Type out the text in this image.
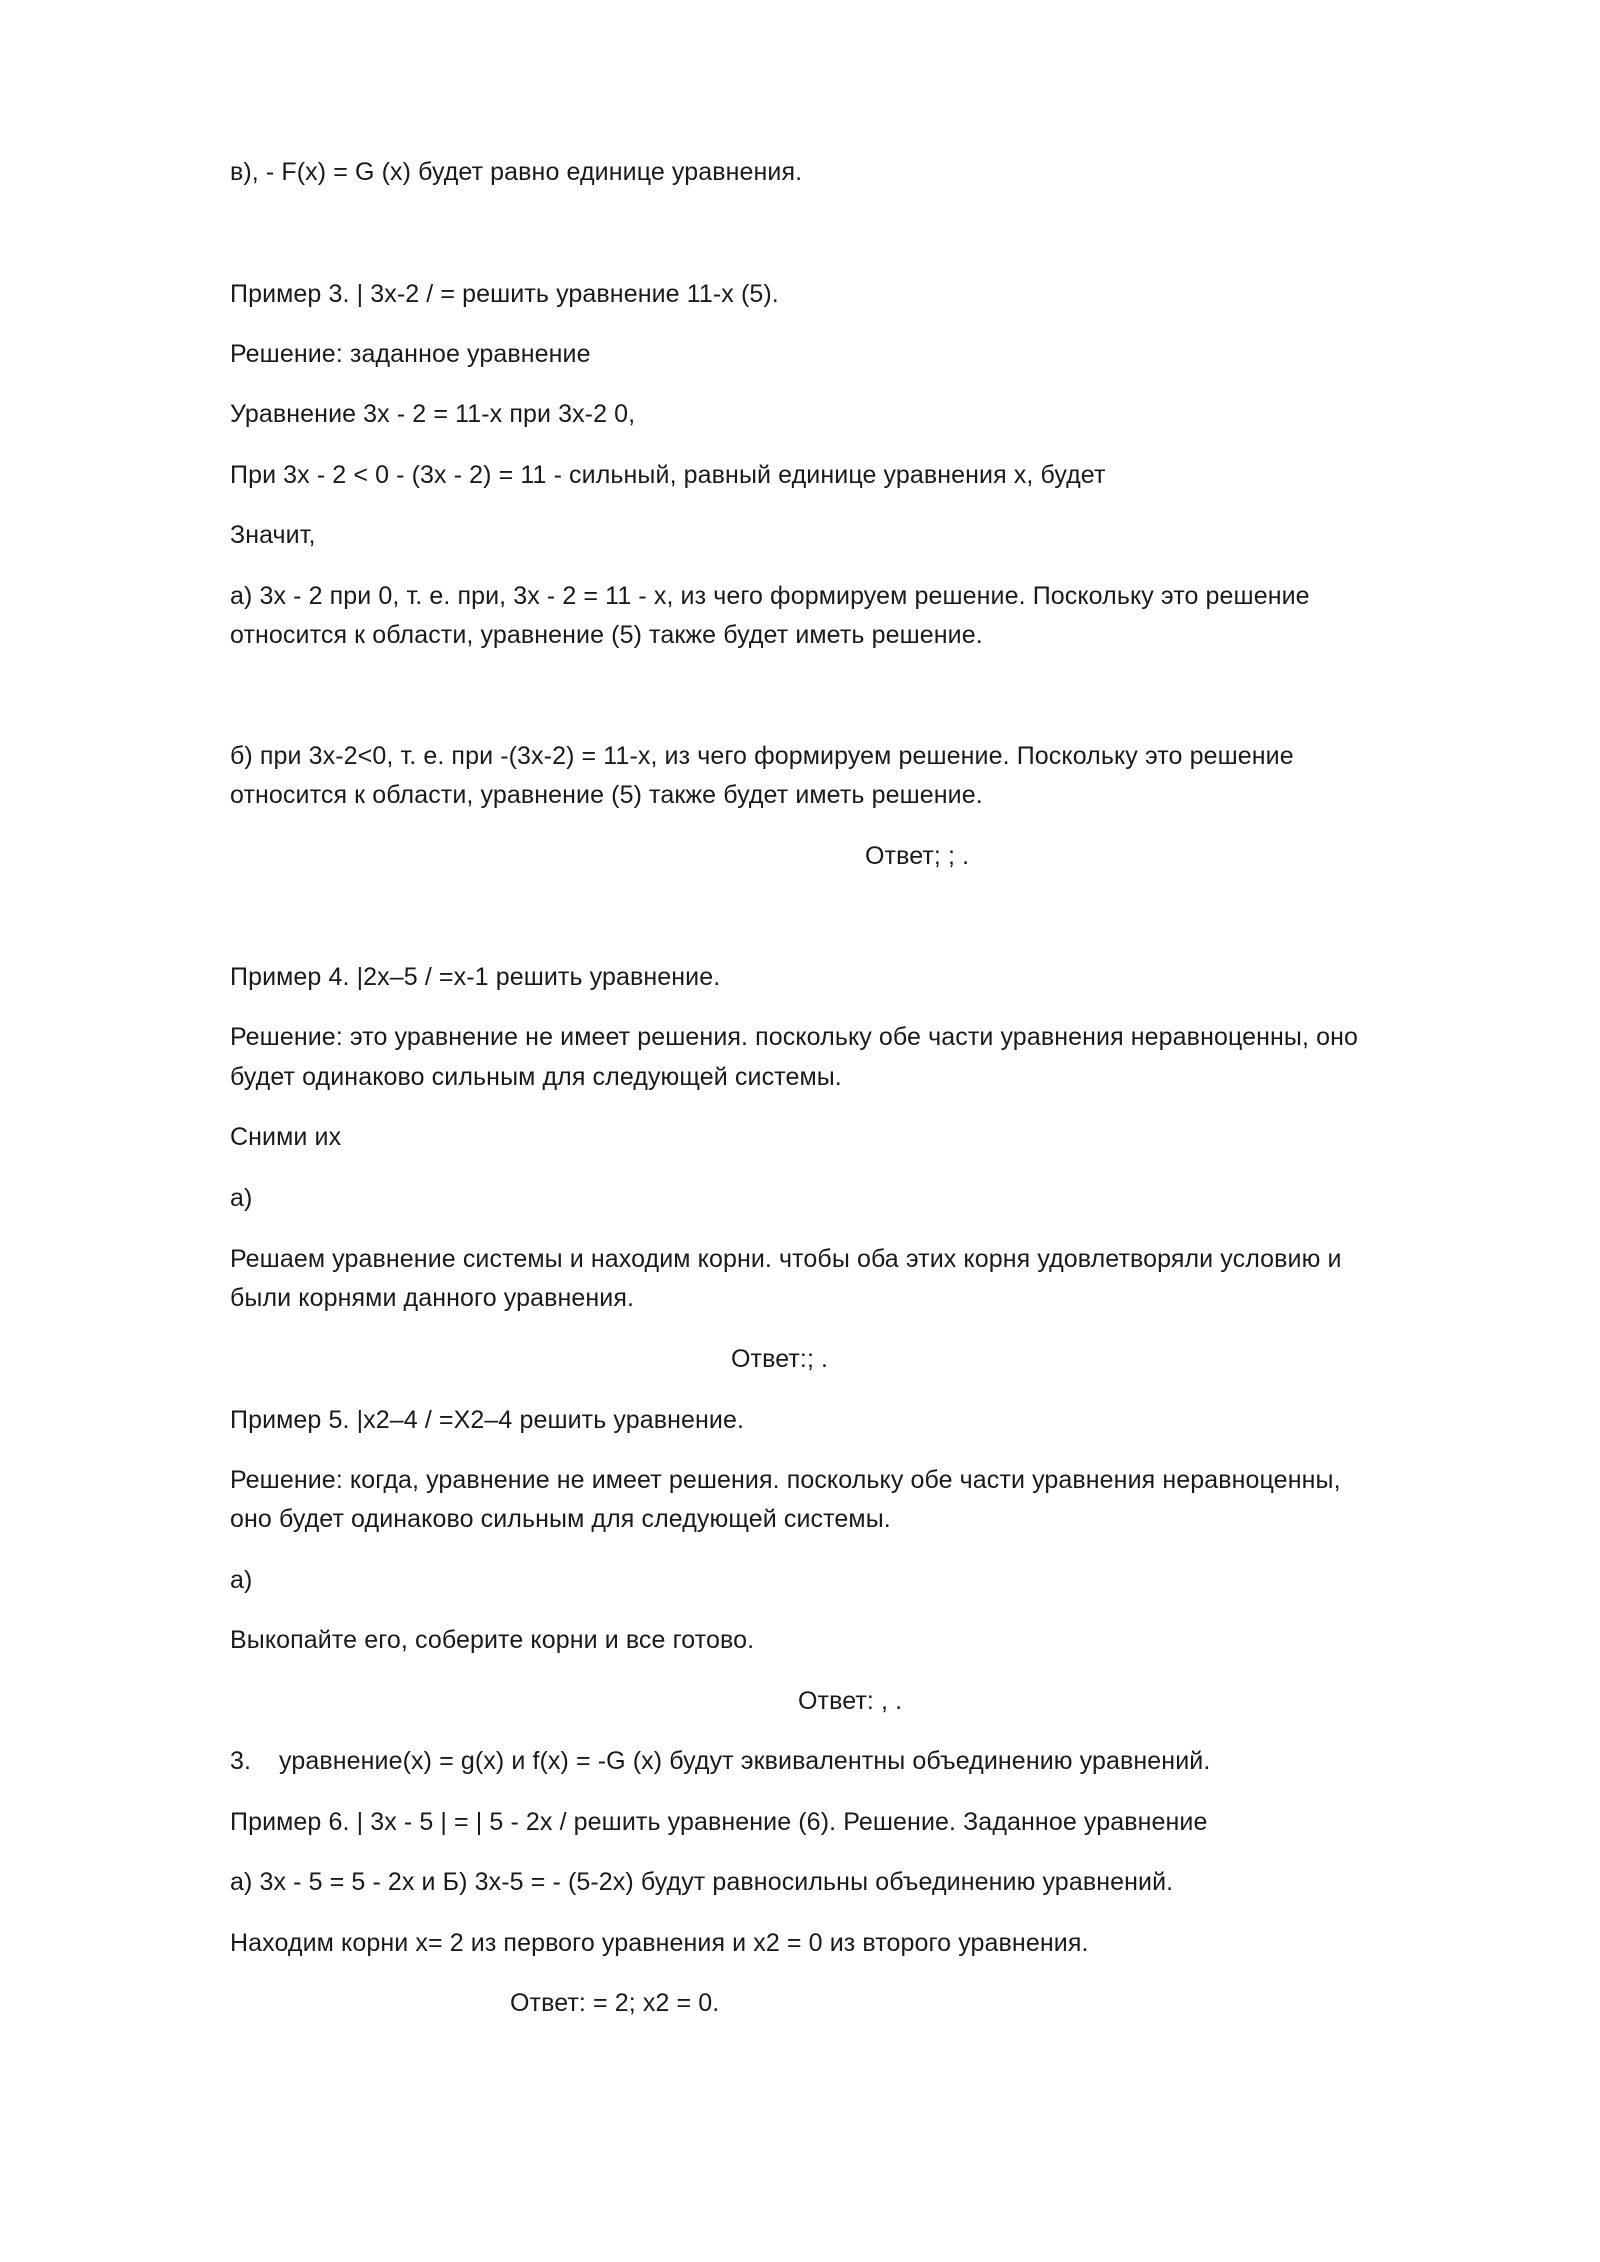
в), - F(x) = G (x) будет равно единице уравнения.
Пример 3. | 3x-2 / = решить уравнение 11-x (5).
Решение: заданное уравнение
Уравнение 3x - 2 = 11-x при 3x-2 0,
При 3x - 2 < 0 - (3x - 2) = 11 - сильный, равный единице уравнения x, будет
Значит,
а) 3x - 2 при 0, т. е. при, 3x - 2 = 11 - x, из чего формируем решение. Поскольку это решение
относится к области, уравнение (5) также будет иметь решение.
б) при 3x-2<0, т. е. при -(3x-2) = 11-x, из чего формируем решение. Поскольку это решение
относится к области, уравнение (5) также будет иметь решение.
Ответ; ; .
Пример 4. |2x–5 / =x-1 решить уравнение.
Решение: это уравнение не имеет решения. поскольку обе части уравнения неравноценны, оно
будет одинаково сильным для следующей системы.
Сними их
а)
Решаем уравнение системы и находим корни. чтобы оба этих корня удовлетворяли условию и
были корнями данного уравнения.
Ответ:; .
Пример 5. |x2–4 / =X2–4 решить уравнение.
Решение: когда, уравнение не имеет решения. поскольку обе части уравнения неравноценны,
оно будет одинаково сильным для следующей системы.
а)
Выкопайте его, соберите корни и все готово.
Ответ: , .
3.	уравнение(x) = g(x) и f(x) = -G (x) будут эквивалентны объединению уравнений.
Пример 6. | 3x - 5 | = | 5 - 2x / решить уравнение (6). Решение. Заданное уравнение
а) 3x - 5 = 5 - 2x и Б) 3x-5 = - (5-2x) будут равносильны объединению уравнений.
Находим корни x= 2 из первого уравнения и x2 = 0 из второго уравнения.
Ответ: = 2; x2 = 0.
